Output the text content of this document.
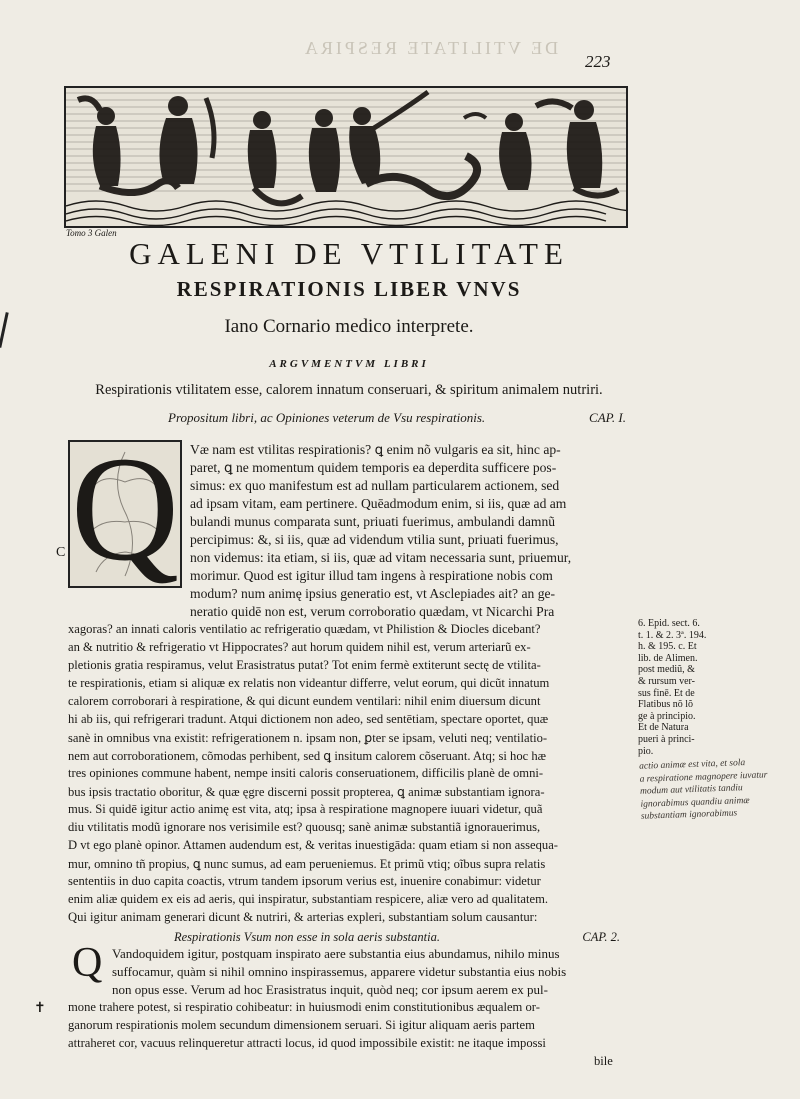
DE VTILITATE RESPIRA
223
Tomo 3 Galen
GALENI DE VTILITATE
RESPIRATIONIS LIBER VNVS
Iano Cornario medico interprete.
ARGVMENTVM LIBRI
Respirationis vtilitatem esse, calorem innatum conseruari, & spiritum animalem nutriri.
Propositum libri, ac Opiniones veterum de Vsu respirationis.	CAP. I.
Q
C
Væ nam est vtilitas respirationis? ꝗ enim nõ vulgaris ea sit, hinc ap-
paret, ꝗ ne momentum quidem temporis ea deperdita sufficere pos-
simus: ex quo manifestum est ad nullam particularem actionem, sed
ad ipsam vitam, eam pertinere. Quēadmodum enim, si iis, quæ ad am
bulandi munus comparata sunt, priuati fuerimus, ambulandi damnũ
percipimus: &, si iis, quæ ad videndum vtilia sunt, priuati fuerimus,
non videmus: ita etiam, si iis, quæ ad vitam necessaria sunt, priuemur,
morimur. Quod est igitur illud tam ingens à respiratione nobis com
modum? num animę ipsius generatio est, vt Asclepiades ait? an ge-
neratio quidē non est, verum corroboratio quædam, vt Nicarchi Pra
xagoras? an innati caloris ventilatio ac refrigeratio quædam, vt Philistion & Diocles dicebant?
an & nutritio & refrigeratio vt Hippocrates? aut horum quidem nihil est, verum arteriarũ ex-
pletionis gratia respiramus, velut Erasistratus putat? Tot enim fermè extiterunt sectę de vtilita-
te respirationis, etiam si aliquæ ex relatis non videantur differre, velut eorum, qui dicũt innatum
calorem corroborari à respiratione, & qui dicunt eundem ventilari: nihil enim diuersum dicunt
hi ab iis, qui refrigerari tradunt. Atqui dictionem non adeo, sed sentētiam, spectare oportet, quæ
sanè in omnibus vna existit: refrigerationem n. ipsam non, ꝑter se ipsam, veluti neq; ventilatio-
nem aut corroborationem, cõmodas perhibent, sed ꝗ insitum calorem cõseruant. Atq; si hoc hæ
tres opiniones commune habent, nempe insiti caloris conseruationem, difficilis planè de omni-
bus ipsis tractatio oboritur, & quæ ęgre discerni possit propterea, ꝗ animæ substantiam ignora-
mus. Si quidē igitur actio animę est vita, atq; ipsa à respiratione magnopere iuuari videtur, quã
diu vtilitatis modũ ignorare nos verisimile est? quousq; sanè animæ substantiã ignorauerimus,
D vt ego planè opinor. Attamen audendum est, & veritas inuestigāda: quam etiam si non assequa-
mur, omnino tñ propius, ꝗ nunc sumus, ad eam perueniemus. Et primũ vtiq; oĩbus supra relatis
sententiis in duo capita coactis, vtrum tandem ipsorum verius est, inuenire conabimur: videtur
enim aliæ quidem ex eis ad aeris, qui inspiratur, substantiam respicere, aliæ vero ad qualitatem.
Qui igitur animam generari dicunt & nutriri, & arterias expleri, substantiam solum causantur:
Respirationis Vsum non esse in sola aeris substantia.	CAP. 2.
Q Vandoquidem igitur, postquam inspirato aere substantia eius abundamus, nihilo minus
suffocamur, quàm si nihil omnino inspirassemus, apparere videtur substantia eius nobis
non opus esse. Verum ad hoc Erasistratus inquit, quòd neq; cor ipsum aerem ex pul-
mone trahere potest, si respiratio cohibeatur: in huiusmodi enim constitutionibus æqualem or-
ganorum respirationis molem secundum dimensionem seruari. Si igitur aliquam aeris partem
attraheret cor, vacuus relinqueretur attracti locus, id quod impossibile existit: ne itaque impossi
bile
6. Epid. sect. 6.
t. 1. & 2. 3ª. 194.
h. & 195. c. Et
lib. de Alimen.
post mediũ, &
& rursum ver-
sus finē. Et de
Flatibus nõ lõ
ge à principio.
Et de Natura
pueri à princi-
pio.
actio animæ est vita, et sola
a respiratione magnopere iuvatur
modum aut vtilitatis tandiu
ignorabimus quandiu animæ
substantiam ignorabimus
✝
